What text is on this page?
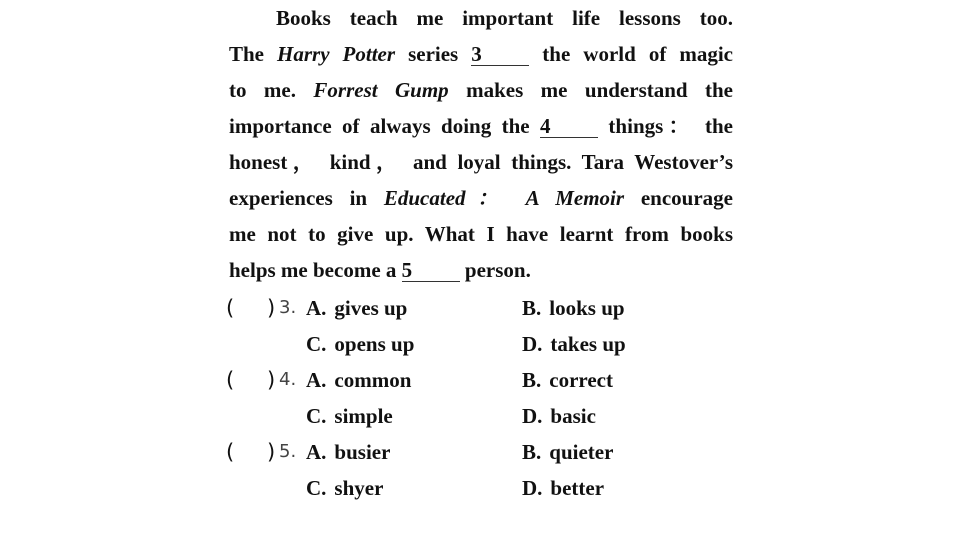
Books teach me important life lessons too.
The Harry Potter series 3 the world of magic
to me. Forrest Gump makes me understand the
importance of always doing the 4 things： the
honest， kind， and loyal things. Tara Westover’s
experiences in Educated： A Memoir encourage
me not to give up. What I have learnt from books
helps me become a 5 person.
( ) 3. A. gives up	B. looks up
C. opens up	D. takes up
( ) 4. A. common	B. correct
C. simple	D. basic
( ) 5. A. busier	B. quieter
C. shyer	D. better
